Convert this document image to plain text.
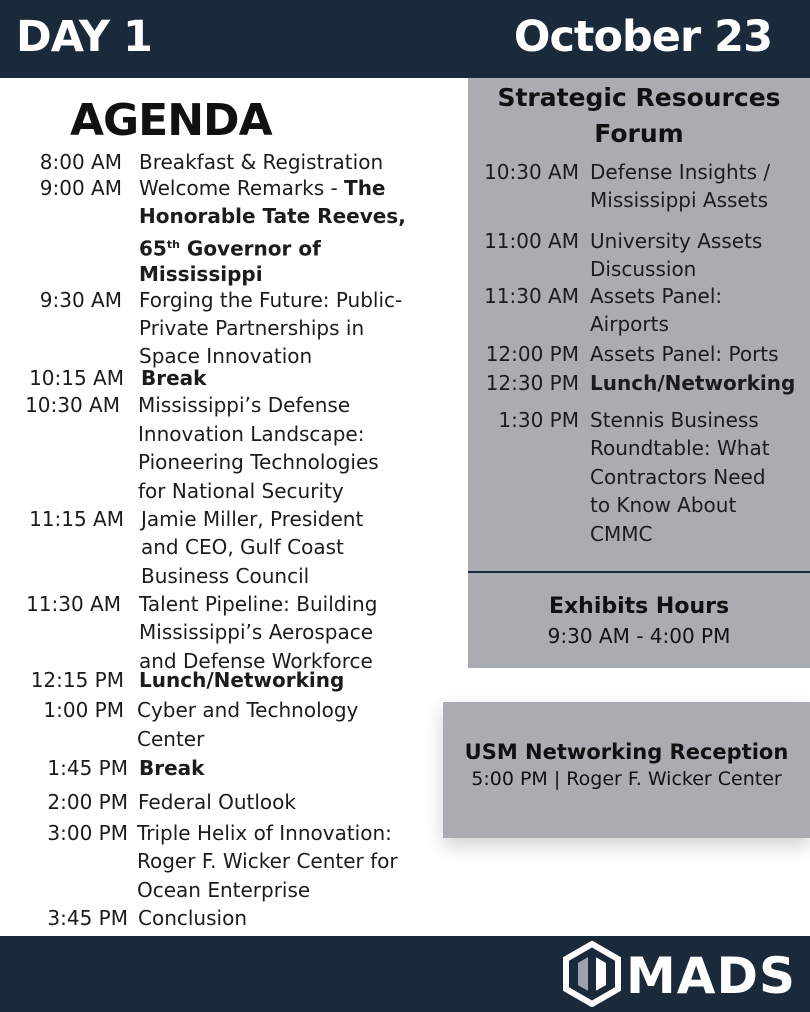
DAY 1	October 23
AGENDA
8:00 AM Breakfast & Registration
9:00 AM Welcome Remarks - The
Honorable Tate Reeves,
65th Governor of
Mississippi
9:30 AM Forging the Future: Public-
Private Partnerships in
Space Innovation
10:15 AM Break
10:30 AM Mississippi’s Defense
Innovation Landscape:
Pioneering Technologies
for National Security
11:15 AM Jamie Miller, President
and CEO, Gulf Coast
Business Council
11:30 AM Talent Pipeline: Building
Mississippi’s Aerospace
and Defense Workforce
12:15 PM Lunch/Networking
1:00 PM Cyber and Technology
Center
1:45 PM Break
2:00 PM Federal Outlook
3:00 PM Triple Helix of Innovation:
Roger F. Wicker Center for
Ocean Enterprise
3:45 PM Conclusion
Strategic Resources
Forum
10:30 AM Defense Insights /
Mississippi Assets
11:00 AM University Assets
Discussion
11:30 AM Assets Panel:
Airports
12:00 PM Assets Panel: Ports
12:30 PM Lunch/Networking
1:30 PM Stennis Business
Roundtable: What
Contractors Need
to Know About
CMMC
Exhibits Hours
9:30 AM - 4:00 PM
USM Networking Reception
5:00 PM | Roger F. Wicker Center
MADS
